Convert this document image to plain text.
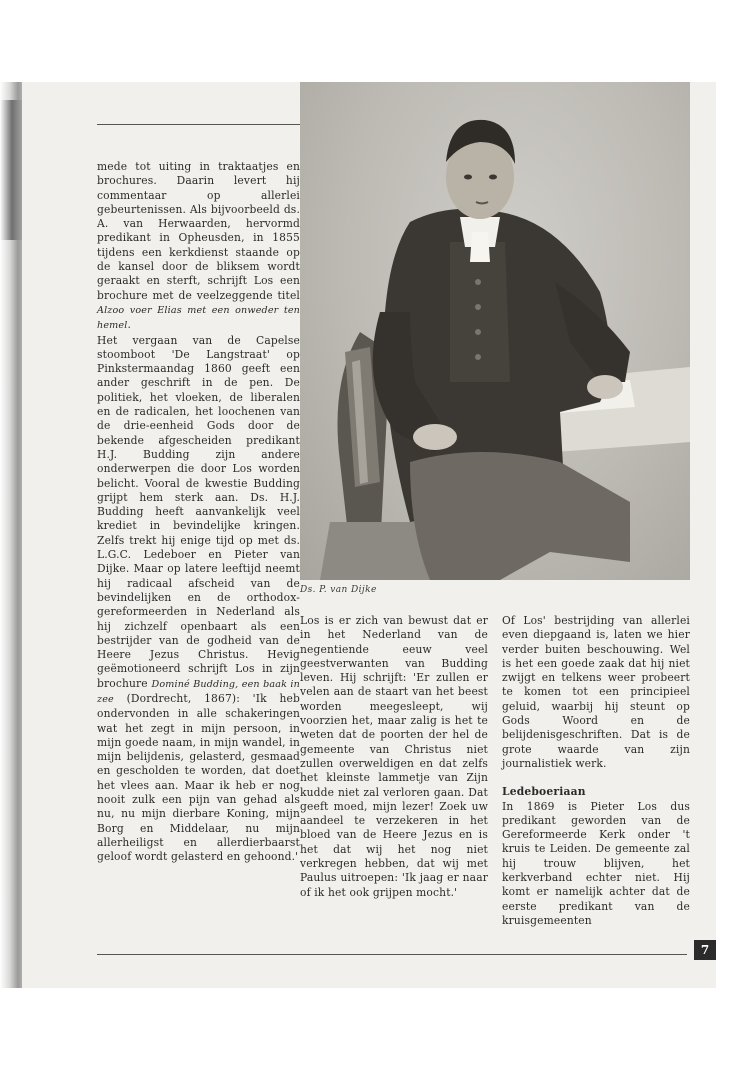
Ds. P. van Dijke

mede tot uiting in traktaatjes en brochures. Daarin levert hij commentaar op allerlei gebeurtenissen. Als bijvoorbeeld ds. A. van Herwaarden, hervormd predikant in Opheusden, in 1855 tijdens een kerkdienst staande op de kansel door de bliksem wordt geraakt en sterft, schrijft Los een brochure met de veelzeggende titel Alzoo voer Elias met een onweder ten hemel.

Het vergaan van de Capelse stoomboot 'De Langstraat' op Pinkstermaandag 1860 geeft een ander geschrift in de pen. De politiek, het vloeken, de liberalen en de radicalen, het loochenen van de drie-eenheid Gods door de bekende afgescheiden predikant H.J. Budding zijn andere onderwerpen die door Los worden belicht. Vooral de kwestie Budding grijpt hem sterk aan. Ds. H.J. Budding heeft aanvankelijk veel krediet in bevindelijke kringen. Zelfs trekt hij enige tijd op met ds. L.G.C. Ledeboer en Pieter van Dijke. Maar op latere leeftijd neemt hij radicaal afscheid van de bevindelijken en de orthodox-gereformeerden in Nederland als hij zichzelf openbaart als een bestrijder van de godheid van de Heere Jezus Christus. Hevig geëmotioneerd schrijft Los in zijn brochure Dominé Budding, een baak in zee (Dordrecht, 1867): 'Ik heb ondervonden in alle schakeringen wat het zegt in mijn persoon, in mijn goede naam, in mijn wandel, in mijn belijdenis, gelasterd, gesmaad en gescholden te worden, dat doet het vlees aan. Maar ik heb er nog nooit zulk een pijn van gehad als nu, nu mijn dierbare Koning, mijn Borg en Middelaar, nu mijn allerheiligst en allerdierbaarst geloof wordt gelasterd en gehoond.'

Los is er zich van bewust dat er in het Nederland van de negentiende eeuw veel geestverwanten van Budding leven. Hij schrijft: 'Er zullen er velen aan de staart van het beest worden meegesleept, wij voorzien het, maar zalig is het te weten dat de poorten der hel de gemeente van Christus niet zullen overweldigen en dat zelfs het kleinste lammetje van Zijn kudde niet zal verloren gaan. Dat geeft moed, mijn lezer! Zoek uw aandeel te verzekeren in het bloed van de Heere Jezus en is het dat wij het nog niet verkregen hebben, dat wij met Paulus uitroepen: 'Ik jaag er naar of ik het ook grijpen mocht.'

Of Los' bestrijding van allerlei even diepgaand is, laten we hier verder buiten beschouwing. Wel is het een goede zaak dat hij niet zwijgt en telkens weer probeert te komen tot een principieel geluid, waarbij hij steunt op Gods Woord en de belijdenisgeschriften. Dat is de grote waarde van zijn journalistiek werk.

Ledeboeriaan

In 1869 is Pieter Los dus predikant geworden van de Gereformeerde Kerk onder 't kruis te Leiden. De gemeente zal hij trouw blijven, het kerkverband echter niet. Hij komt er namelijk achter dat de eerste predikant van de kruisgemeenten

7
